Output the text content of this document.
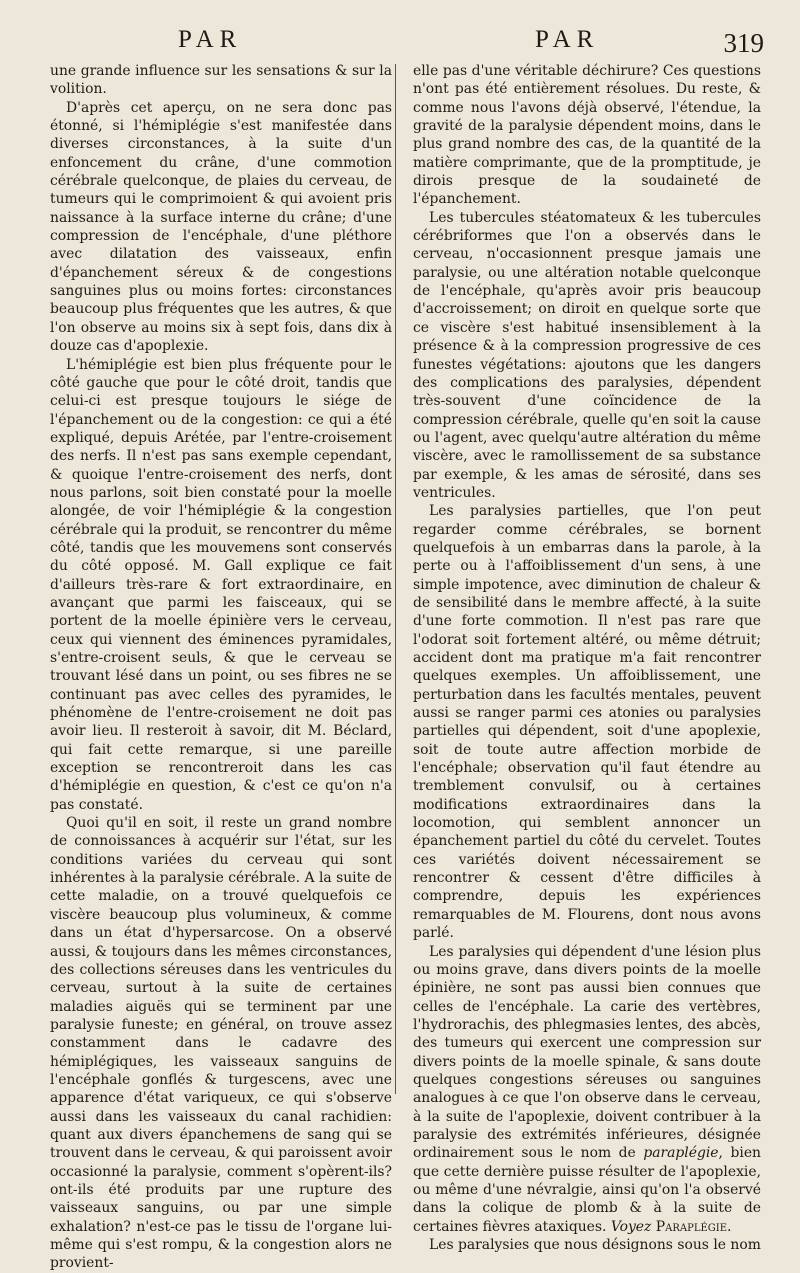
PAR	PAR	319

une grande influence sur les sensations & sur la volition.

D'après cet aperçu, on ne sera donc pas étonné, si l'hémiplégie s'est manifestée dans diverses circonstances, à la suite d'un enfoncement du crâne, d'une commotion cérébrale quelconque, de plaies du cerveau, de tumeurs qui le comprimoient & qui avoient pris naissance à la surface interne du crâne; d'une compression de l'encéphale, d'une pléthore avec dilatation des vaisseaux, enfin d'épanchement séreux & de congestions sanguines plus ou moins fortes: circonstances beaucoup plus fréquentes que les autres, & que l'on observe au moins six à sept fois, dans dix à douze cas d'apoplexie.

L'hémiplégie est bien plus fréquente pour le côté gauche que pour le côté droit, tandis que celui-ci est presque toujours le siége de l'épanchement ou de la congestion: ce qui a été expliqué, depuis Arétée, par l'entre-croisement des nerfs. Il n'est pas sans exemple cependant, & quoique l'entre-croisement des nerfs, dont nous parlons, soit bien constaté pour la moelle alongée, de voir l'hémiplégie & la congestion cérébrale qui la produit, se rencontrer du même côté, tandis que les mouvemens sont conservés du côté opposé. M. Gall explique ce fait d'ailleurs très-rare & fort extraordinaire, en avançant que parmi les faisceaux, qui se portent de la moelle épinière vers le cerveau, ceux qui viennent des éminences pyramidales, s'entre-croisent seuls, & que le cerveau se trouvant lésé dans un point, ou ses fibres ne se continuant pas avec celles des pyramides, le phénomène de l'entre-croisement ne doit pas avoir lieu. Il resteroit à savoir, dit M. Béclard, qui fait cette remarque, si une pareille exception se rencontreroit dans les cas d'hémiplégie en question, & c'est ce qu'on n'a pas constaté.

Quoi qu'il en soit, il reste un grand nombre de connoissances à acquérir sur l'état, sur les conditions variées du cerveau qui sont inhérentes à la paralysie cérébrale. A la suite de cette maladie, on a trouvé quelquefois ce viscère beaucoup plus volumineux, & comme dans un état d'hypersarcose. On a observé aussi, & toujours dans les mêmes circonstances, des collections séreuses dans les ventricules du cerveau, surtout à la suite de certaines maladies aiguës qui se terminent par une paralysie funeste; en général, on trouve assez constamment dans le cadavre des hémiplégiques, les vaisseaux sanguins de l'encéphale gonflés & turgescens, avec une apparence d'état variqueux, ce qui s'observe aussi dans les vaisseaux du canal rachidien: quant aux divers épanchemens de sang qui se trouvent dans le cerveau, & qui paroissent avoir occasionné la paralysie, comment s'opèrent-ils? ont-ils été produits par une rupture des vaisseaux sanguins, ou par une simple exhalation? n'est-ce pas le tissu de l'organe lui-même qui s'est rompu, & la congestion alors ne provient-

elle pas d'une véritable déchirure? Ces questions n'ont pas été entièrement résolues. Du reste, & comme nous l'avons déjà observé, l'étendue, la gravité de la paralysie dépendent moins, dans le plus grand nombre des cas, de la quantité de la matière comprimante, que de la promptitude, je dirois presque de la soudaineté de l'épanchement.

Les tubercules stéatomateux & les tubercules cérébriformes que l'on a observés dans le cerveau, n'occasionnent presque jamais une paralysie, ou une altération notable quelconque de l'encéphale, qu'après avoir pris beaucoup d'accroissement; on diroit en quelque sorte que ce viscère s'est habitué insensiblement à la présence & à la compression progressive de ces funestes végétations: ajoutons que les dangers des complications des paralysies, dépendent très-souvent d'une coïncidence de la compression cérébrale, quelle qu'en soit la cause ou l'agent, avec quelqu'autre altération du même viscère, avec le ramollissement de sa substance par exemple, & les amas de sérosité, dans ses ventricules.

Les paralysies partielles, que l'on peut regarder comme cérébrales, se bornent quelquefois à un embarras dans la parole, à la perte ou à l'affoiblissement d'un sens, à une simple impotence, avec diminution de chaleur & de sensibilité dans le membre affecté, à la suite d'une forte commotion. Il n'est pas rare que l'odorat soit fortement altéré, ou même détruit; accident dont ma pratique m'a fait rencontrer quelques exemples. Un affoiblissement, une perturbation dans les facultés mentales, peuvent aussi se ranger parmi ces atonies ou paralysies partielles qui dépendent, soit d'une apoplexie, soit de toute autre affection morbide de l'encéphale; observation qu'il faut étendre au tremblement convulsif, ou à certaines modifications extraordinaires dans la locomotion, qui semblent annoncer un épanchement partiel du côté du cervelet. Toutes ces variétés doivent nécessairement se rencontrer & cessent d'être difficiles à comprendre, depuis les expériences remarquables de M. Flourens, dont nous avons parlé.

Les paralysies qui dépendent d'une lésion plus ou moins grave, dans divers points de la moelle épinière, ne sont pas aussi bien connues que celles de l'encéphale. La carie des vertèbres, l'hydrorachis, des phlegmasies lentes, des abcès, des tumeurs qui exercent une compression sur divers points de la moelle spinale, & sans doute quelques congestions séreuses ou sanguines analogues à ce que l'on observe dans le cerveau, à la suite de l'apoplexie, doivent contribuer à la paralysie des extrémités inférieures, désignée ordinairement sous le nom de paraplégie, bien que cette dernière puisse résulter de l'apoplexie, ou même d'une névralgie, ainsi qu'on l'a observé dans la colique de plomb & à la suite de certaines fièvres ataxiques. Voyez Paraplégie.

Les paralysies que nous désignons sous le nom
